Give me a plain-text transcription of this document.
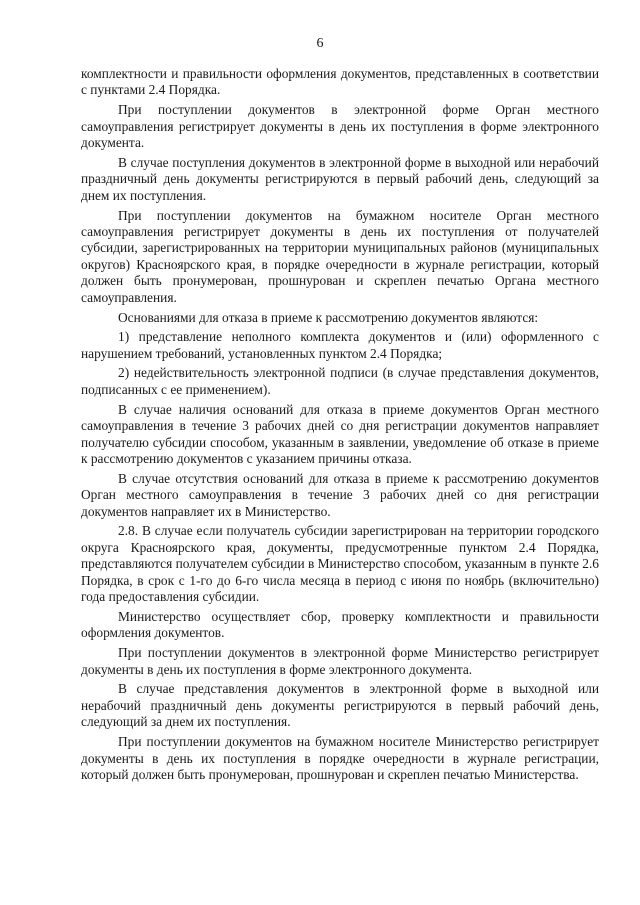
6

комплектности и правильности оформления документов, представленных в соответствии с пунктами 2.4 Порядка.

При поступлении документов в электронной форме Орган местного самоуправления регистрирует документы в день их поступления в форме электронного документа.

В случае поступления документов в электронной форме в выходной или нерабочий праздничный день документы регистрируются в первый рабочий день, следующий за днем их поступления.

При поступлении документов на бумажном носителе Орган местного самоуправления регистрирует документы в день их поступления от получателей субсидии, зарегистрированных на территории муниципальных районов (муниципальных округов) Красноярского края, в порядке очередности в журнале регистрации, который должен быть пронумерован, прошнурован и скреплен печатью Органа местного самоуправления.

Основаниями для отказа в приеме к рассмотрению документов являются:

1) представление неполного комплекта документов и (или) оформленного с нарушением требований, установленных пунктом 2.4 Порядка;

2) недействительность электронной подписи (в случае представления документов, подписанных с ее применением).

В случае наличия оснований для отказа в приеме документов Орган местного самоуправления в течение 3 рабочих дней со дня регистрации документов направляет получателю субсидии способом, указанным в заявлении, уведомление об отказе в приеме к рассмотрению документов с указанием причины отказа.

В случае отсутствия оснований для отказа в приеме к рассмотрению документов Орган местного самоуправления в течение 3 рабочих дней со дня регистрации документов направляет их в Министерство.

2.8. В случае если получатель субсидии зарегистрирован на территории городского округа Красноярского края, документы, предусмотренные пунктом 2.4 Порядка, представляются получателем субсидии в Министерство способом, указанным в пункте 2.6 Порядка, в срок с 1-го до 6-го числа месяца в период с июня по ноябрь (включительно) года предоставления субсидии.

Министерство осуществляет сбор, проверку комплектности и правильности оформления документов.

При поступлении документов в электронной форме Министерство регистрирует документы в день их поступления в форме электронного документа.

В случае представления документов в электронной форме в выходной или нерабочий праздничный день документы регистрируются в первый рабочий день, следующий за днем их поступления.

При поступлении документов на бумажном носителе Министерство регистрирует документы в день их поступления в порядке очередности в журнале регистрации, который должен быть пронумерован, прошнурован и скреплен печатью Министерства.
